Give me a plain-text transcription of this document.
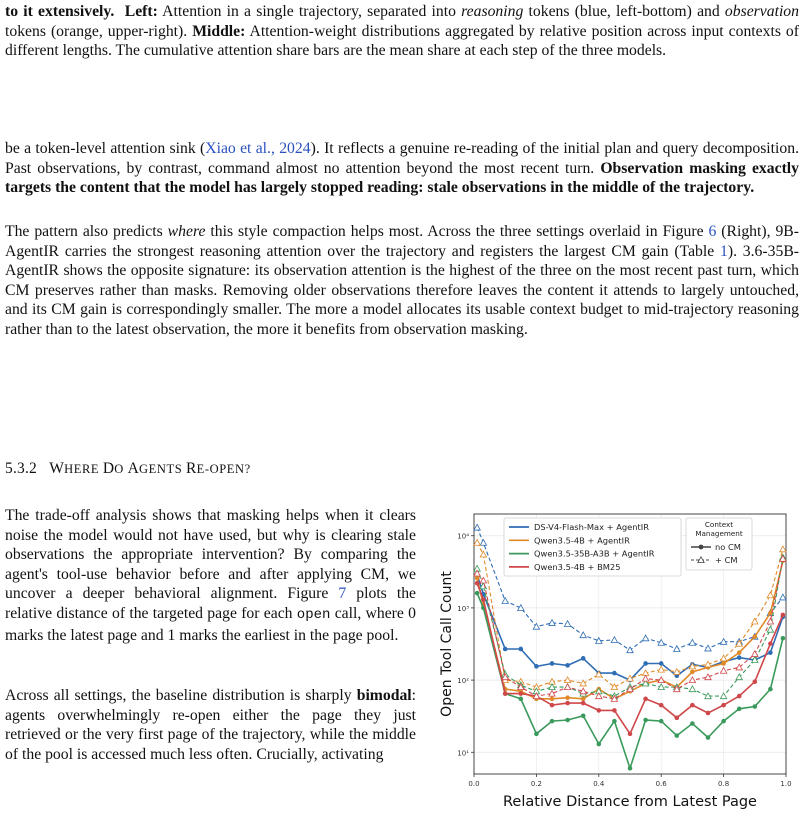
to it extensively. Left: Attention in a single trajectory, separated into reasoning tokens (blue, left-bottom) and observation tokens (orange, upper-right). Middle: Attention-weight distributions aggregated by relative position across input contexts of different lengths. The cumulative attention share bars are the mean share at each step of the three models.

be a token-level attention sink (Xiao et al., 2024). It reflects a genuine re-reading of the initial plan and query decomposition. Past observations, by contrast, command almost no attention beyond the most recent turn. Observation masking exactly targets the content that the model has largely stopped reading: stale observations in the middle of the trajectory.

The pattern also predicts where this style compaction helps most. Across the three settings overlaid in Figure 6 (Right), 9B-AgentIR carries the strongest reasoning attention over the trajectory and registers the largest CM gain (Table 1). 3.6-35B-AgentIR shows the opposite signature: its observation attention is the highest of the three on the most recent past turn, which CM preserves rather than masks. Removing older observations therefore leaves the content it attends to largely untouched, and its CM gain is correspondingly smaller. The more a model allocates its usable context budget to mid-trajectory reasoning rather than to the latest observation, the more it benefits from observation masking.

5.3.2 WHERE DO AGENTS RE-OPEN?

The trade-off analysis shows that masking helps when it clears noise the model would not have used, but why is clearing stale observations the appropriate intervention? By comparing the agent's tool-use behavior before and after applying CM, we uncover a deeper behavioral alignment. Figure 7 plots the relative distance of the targeted page for each open call, where 0 marks the latest page and 1 marks the earliest in the page pool.

Across all settings, the baseline distribution is sharply bimodal: agents overwhelmingly re-open either the page they just retrieved or the very first page of the trajectory, while the middle of the pool is accessed much less often. Crucially, activating

0.0	0.2	0.4	0.6	0.8	1.0
10¹
10²
10³
10⁴
Relative Distance from Latest Page
Open Tool Call Count
DS-V4-Flash-Max + AgentIR
Qwen3.5-4B + AgentIR
Qwen3.5-35B-A3B + AgentIR
Qwen3.5-4B + BM25
Context
Management
no CM
+ CM
